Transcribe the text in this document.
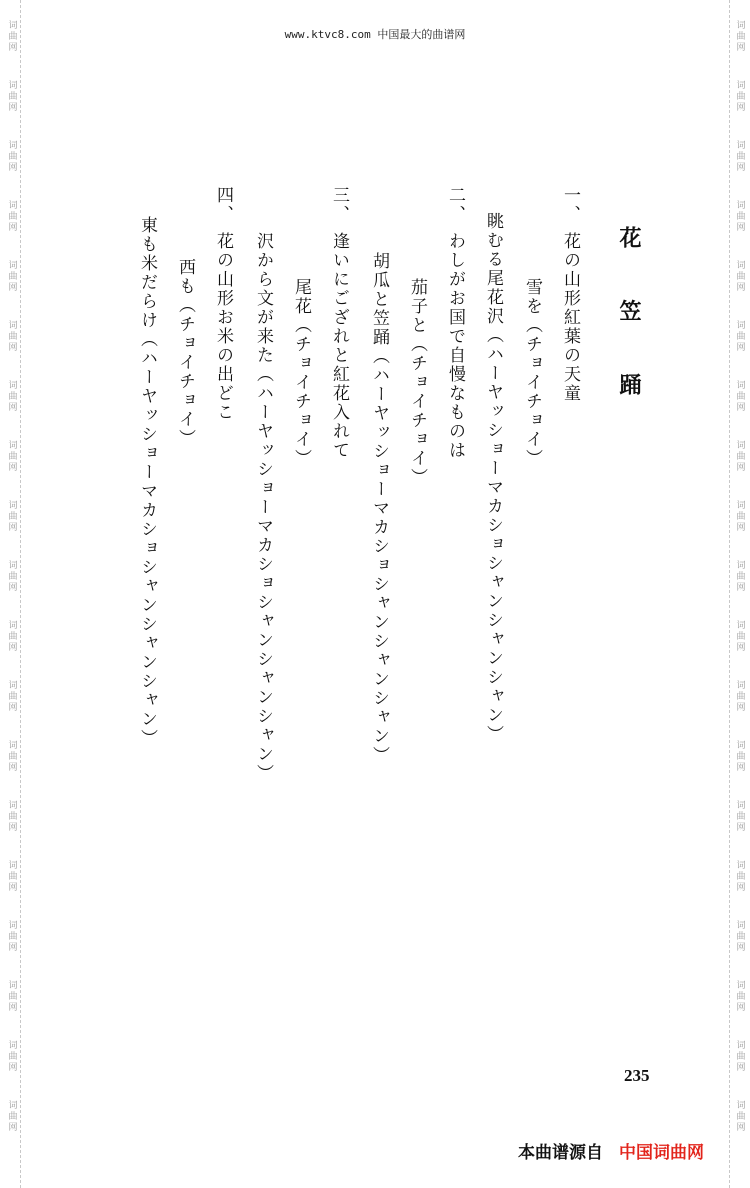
词曲网
词曲网
词曲网
词曲网
词曲网
词曲网
词曲网
词曲网
词曲网
词曲网
词曲网
词曲网
词曲网
词曲网
词曲网
词曲网
词曲网
词曲网
词曲网
词曲网
词曲网
词曲网
词曲网
词曲网
词曲网
词曲网
词曲网
词曲网
词曲网
词曲网
词曲网
词曲网
词曲网
词曲网
词曲网
词曲网
词曲网
词曲网
www.ktvc8.com 中国最大的曲谱网
花 笠 踊
一、
花の山形紅葉の天童
雪を（チョイチョイ）
眺むる尾花沢（ハーヤッショーマカショシャンシャンシャン）
二、
わしがお国で自慢なものは
茄子と（チョイチョイ）
胡瓜と笠踊（ハーヤッショーマカショシャンシャンシャン）
三、
逢いにござれと紅花入れて
尾花（チョイチョイ）
沢から文が来た（ハーヤッショーマカショシャンシャンシャン）
四、
花の山形お米の出どこ
西も（チョイチョイ）
東も米だらけ（ハーヤッショーマカショシャンシャンシャン）
235
本曲谱源自 中国词曲网
